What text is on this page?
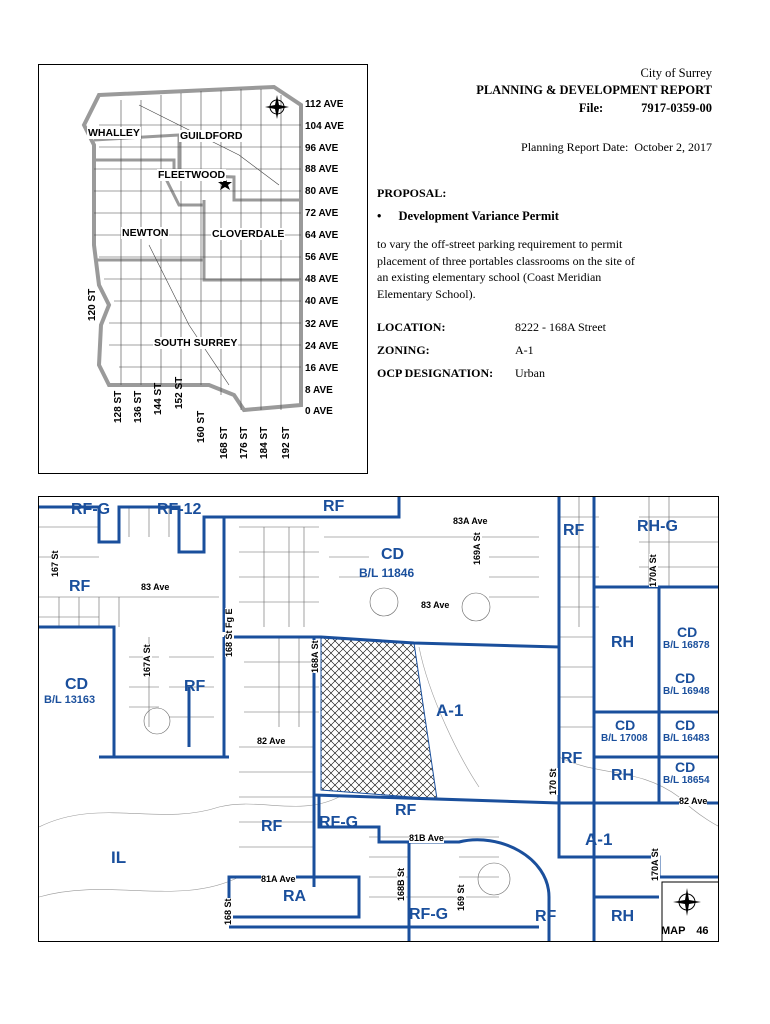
WHALLEY	GUILDFORD
FLEETWOOD
NEWTON	CLOVERDALE
SOUTH SURREY
112 AVE
104 AVE
96 AVE
88 AVE
80 AVE
72 AVE
64 AVE
56 AVE
48 AVE
40 AVE
32 AVE
24 AVE
16 AVE
8 AVE
0 AVE
120 ST
128 ST 136 ST 144 ST 152 ST
160 ST 168 ST 176 ST 184 ST 192 ST
City of Surrey
PLANNING & DEVELOPMENT REPORT
File:	7917-0359-00
Planning Report Date: October 2, 2017
PROPOSAL:
• Development Variance Permit
to vary the off-street parking requirement to permit
placement of three portables classrooms on the site of
an existing elementary school (Coast Meridian
Elementary School).
LOCATION:	8222 - 168A Street
ZONING:	A-1
OCP DESIGNATION: Urban
RF-G	RF-12	RF
RF
RF	RH-G
CD
B/L 11846
CD
B/L 16878
CD
B/L 13163
RF
A-1
RH
CD
B/L 16948
CD
B/L 17008
CD
B/L 16483
RF
RH	CD
B/L 18654
RF
RF-G
RF
IL
A-1
RA
RF-G	RF	RH
83A Ave
83 Ave
83 Ave
82 Ave
82 Ave
81B Ave
81A Ave
167 St
167A St
168 St Fg E	168A St
169A St
170 St
170A St
170A St
168B St	169 St
168 St
MAP 46
